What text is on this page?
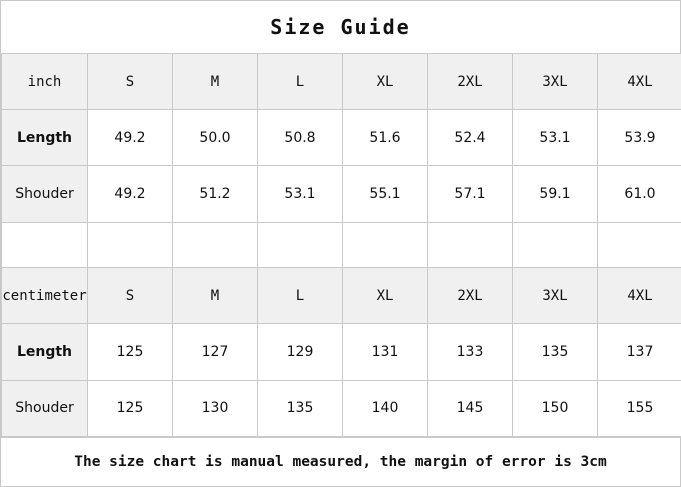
Size Guide
inch	S	M	L	XL	2XL	3XL	4XL
Length	49.2	50.0	50.8	51.6	52.4	53.1	53.9
Shouder	49.2	51.2	53.1	55.1	57.1	59.1	61.0

centimeter	S	M	L	XL	2XL	3XL	4XL
Length	125	127	129	131	133	135	137
Shouder	125	130	135	140	145	150	155
The size chart is manual measured, the margin of error is 3cm
